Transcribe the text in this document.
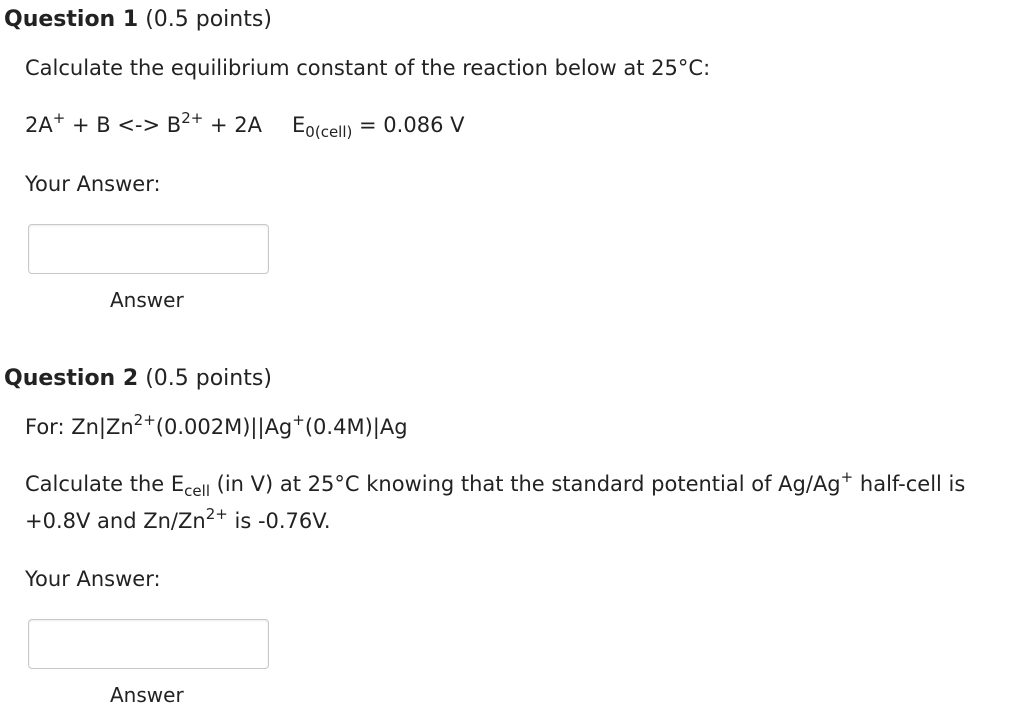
Question 1 (0.5 points)
Calculate the equilibrium constant of the reaction below at 25°C:
2A+ + B <-> $B^{2+} + 2A$ $E_{0(cell)} = 0.086$ V
Your Answer:
Answer
Question 2 (0.5 points)
For: $Zn|Zn^{2+}(0.002M)||Ag^+(0.4M)|Ag$
Calculate the $E_{cell}$ (in V) at 25°C knowing that the standard potential of Ag/Ag+ half-cell is +0.8V and $Zn/Zn^{2+}$ is -0.76V.
Your Answer:
Answer
